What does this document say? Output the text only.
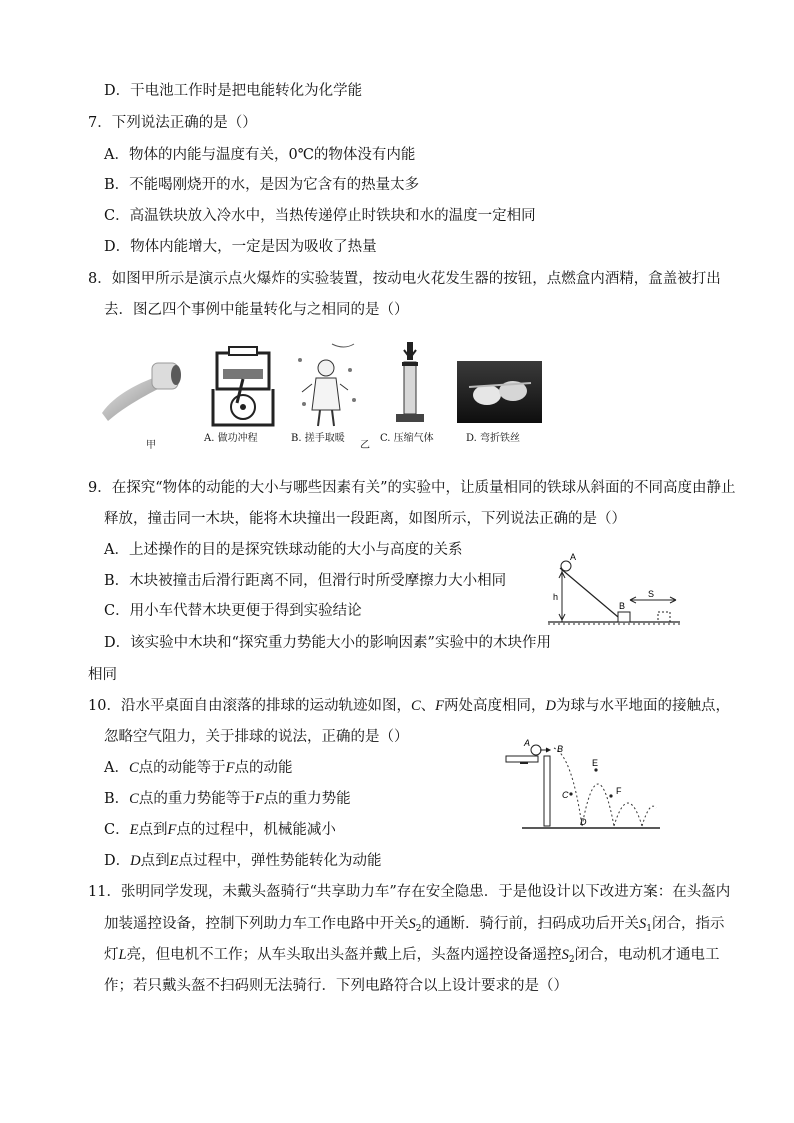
D．干电池工作时是把电能转化为化学能
7．下列说法正确的是（）
A．物体的内能与温度有关，0℃的物体没有内能
B．不能喝刚烧开的水，是因为它含有的热量太多
C．高温铁块放入冷水中，当热传递停止时铁块和水的温度一定相同
D．物体内能增大，一定是因为吸收了热量
8．如图甲所示是演示点火爆炸的实验装置，按动电火花发生器的按钮，点燃盒内酒精，盒盖被打出
去．图乙四个事例中能量转化与之相同的是（）
甲
A. 做功冲程	B. 搓手取暖
乙
C. 压缩气体	D. 弯折铁丝
9．在探究“物体的动能的大小与哪些因素有关”的实验中，让质量相同的铁球从斜面的不同高度由静止
释放，撞击同一木块，能将木块撞出一段距离，如图所示，下列说法正确的是（）
A．上述操作的目的是探究铁球动能的大小与高度的关系
B．木块被撞击后滑行距离不同，但滑行时所受摩擦力大小相同
C．用小车代替木块更便于得到实验结论
D．该实验中木块和“探究重力势能大小的影响因素”实验中的木块作用
相同
A
h
B
S
10．沿水平桌面自由滚落的排球的运动轨迹如图，C、F两处高度相同，D为球与水平地面的接触点，
忽略空气阻力，关于排球的说法，正确的是（）
A．C点的动能等于F点的动能
B．C点的重力势能等于F点的重力势能
C．E点到F点的过程中，机械能减小
D．D点到E点过程中，弹性势能转化为动能
A
B
C
D
E
F
11．张明同学发现，未戴头盔骑行“共享助力车”存在安全隐患．于是他设计以下改进方案：在头盔内
加装遥控设备，控制下列助力车工作电路中开关$S_2$的通断．骑行前，扫码成功后开关$S_1$闭合，指示
灯L亮，但电机不工作；从车头取出头盔并戴上后，头盔内遥控设备遥控$S_2$闭合，电动机才通电工
作；若只戴头盔不扫码则无法骑行．下列电路符合以上设计要求的是（）
